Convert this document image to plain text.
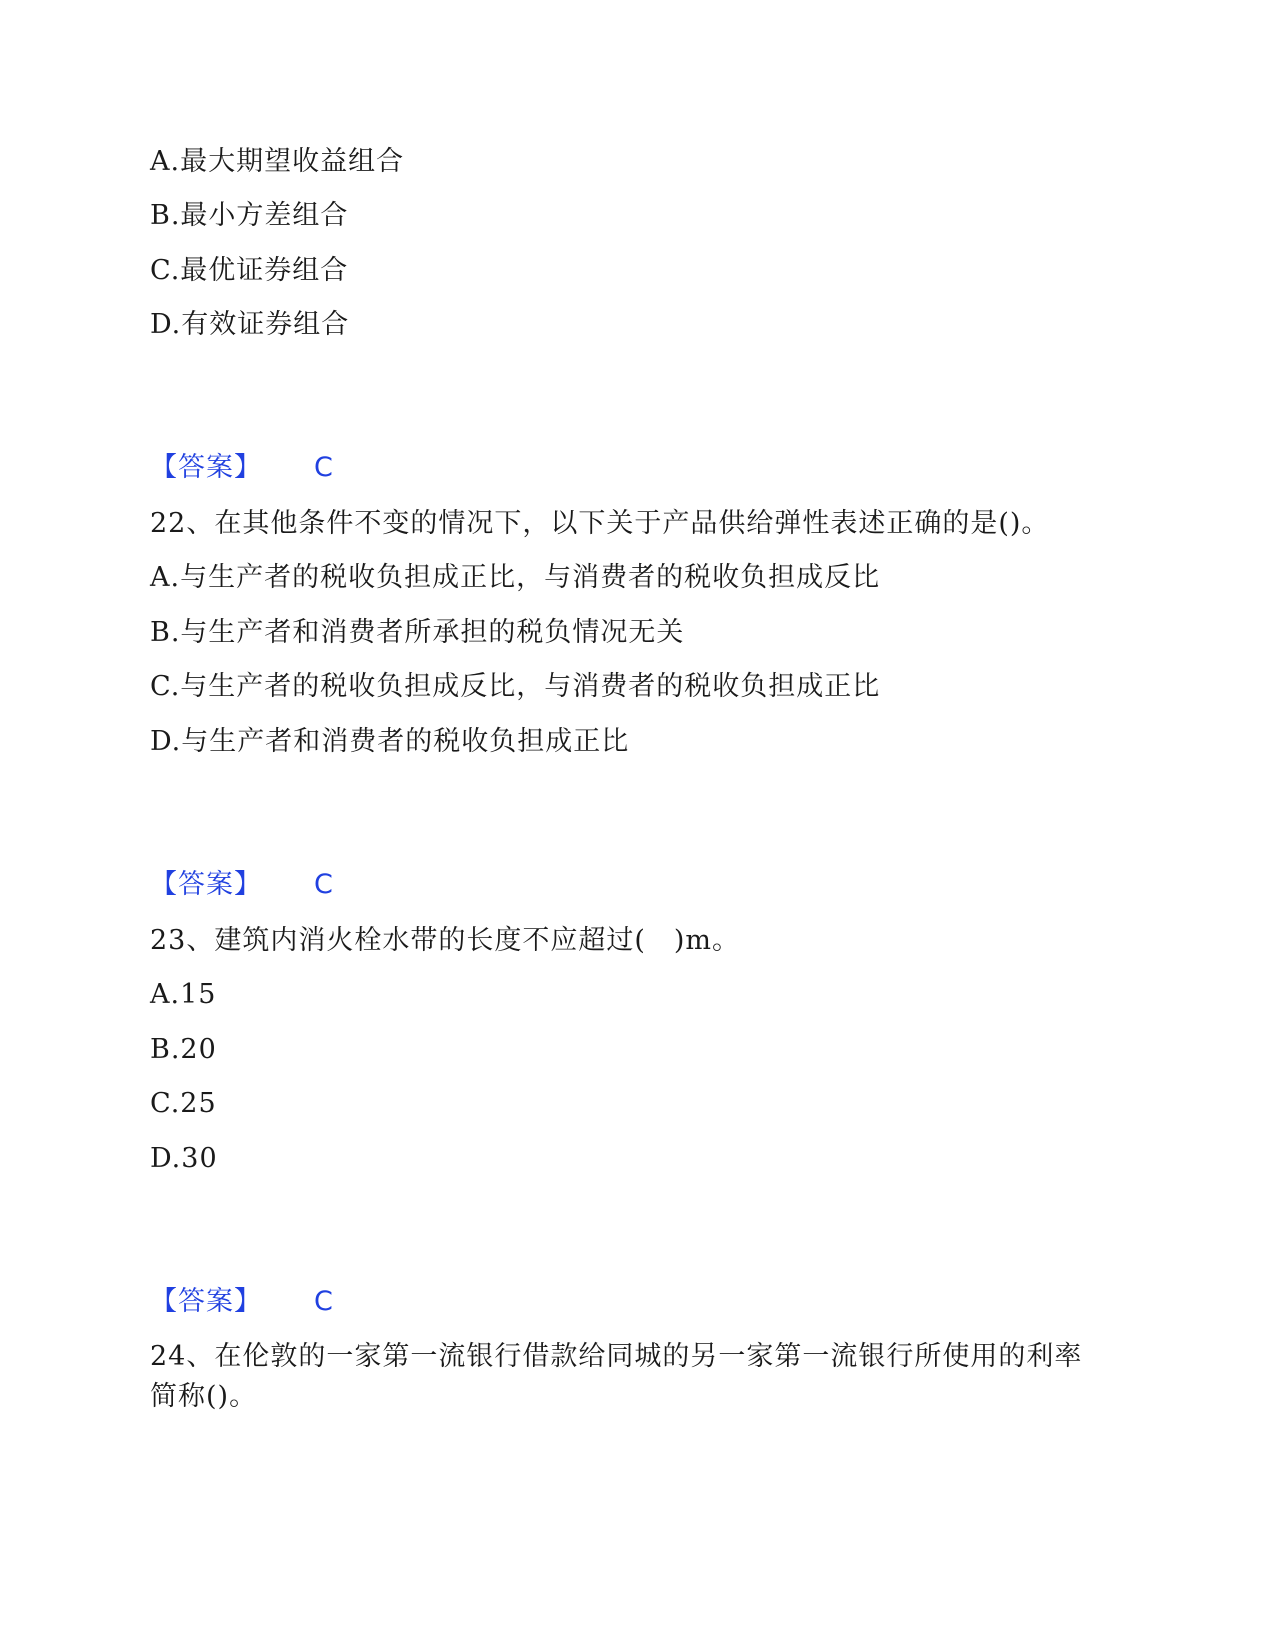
A.最大期望收益组合
B.最小方差组合
C.最优证券组合
D.有效证券组合
【答案】 C
22、在其他条件不变的情况下，以下关于产品供给弹性表述正确的是()。
A.与生产者的税收负担成正比，与消费者的税收负担成反比
B.与生产者和消费者所承担的税负情况无关
C.与生产者的税收负担成反比，与消费者的税收负担成正比
D.与生产者和消费者的税收负担成正比
【答案】 C
23、建筑内消火栓水带的长度不应超过(　)m。
A.15
B.20
C.25
D.30
【答案】 C
24、在伦敦的一家第一流银行借款给同城的另一家第一流银行所使用的利率简称()。
